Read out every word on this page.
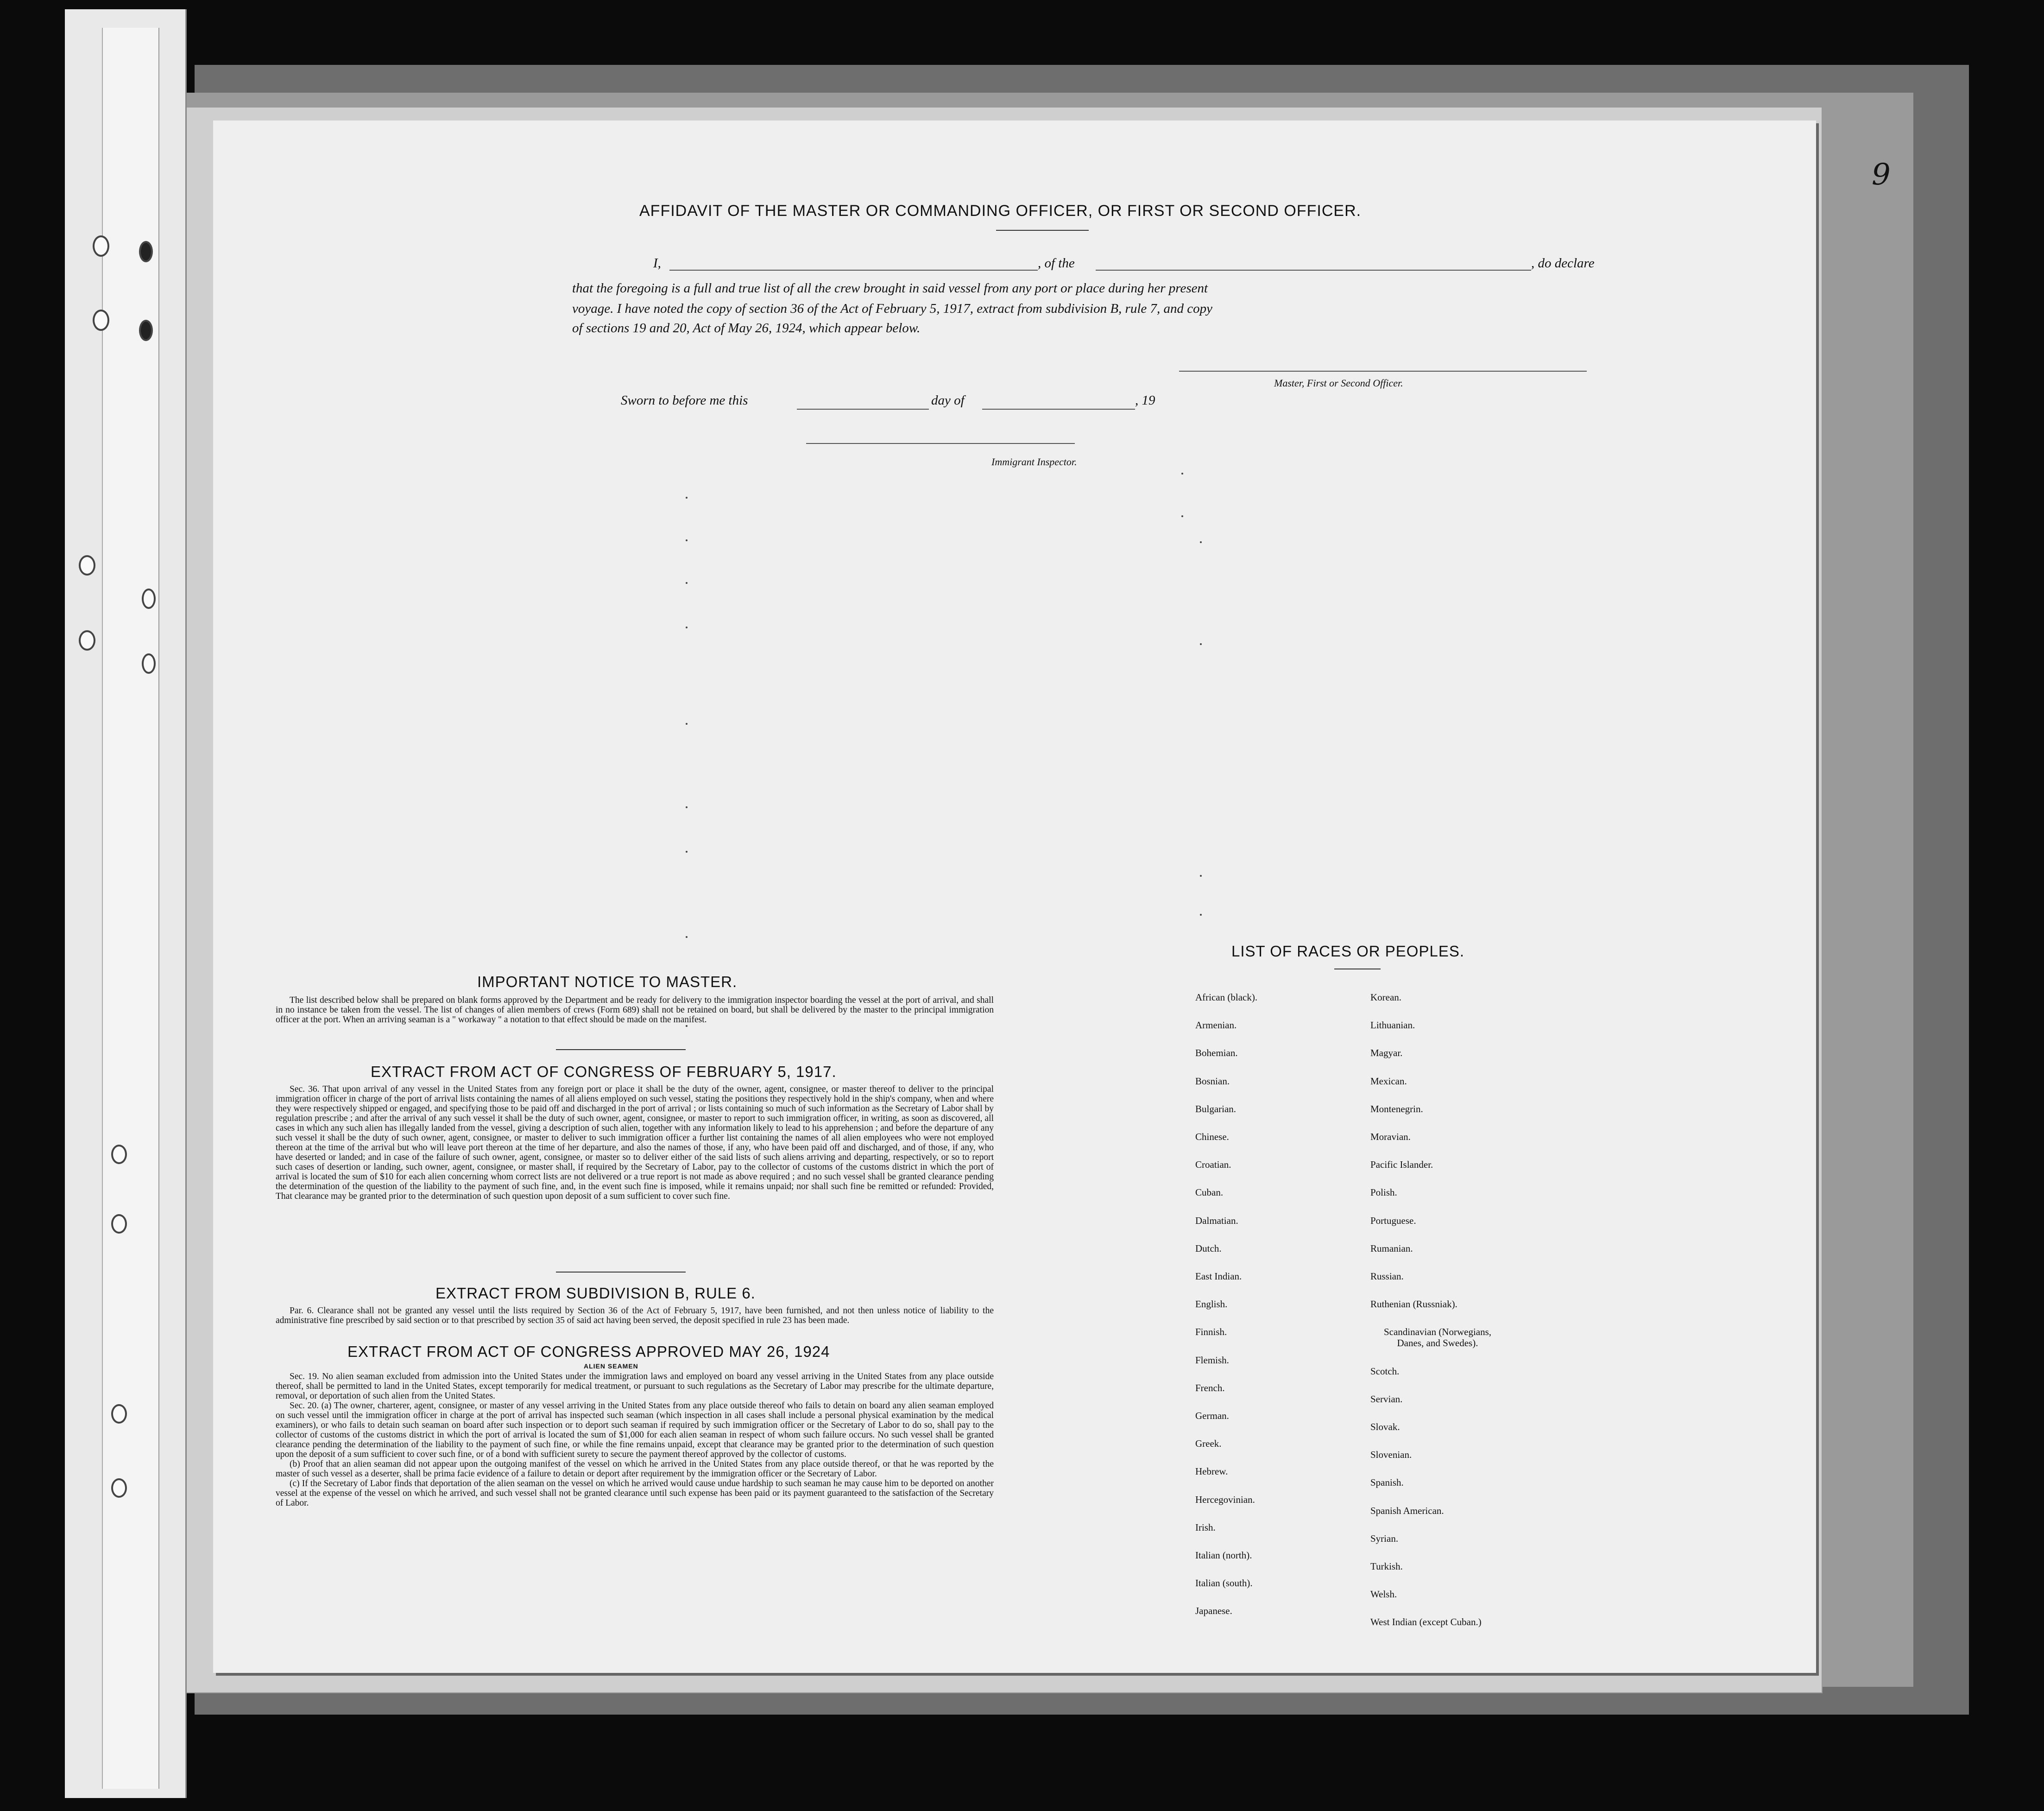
9
AFFIDAVIT OF THE MASTER OR COMMANDING OFFICER, OR FIRST OR SECOND OFFICER.
I,	, of the	, do declare
that the foregoing is a full and true list of all the crew brought in said vessel from any port or place during her present
voyage. I have noted the copy of section 36 of the Act of February 5, 1917, extract from subdivision B, rule 7, and copy
of sections 19 and 20, Act of May 26, 1924, which appear below.
Master, First or Second Officer.
Sworn to before me this	day of	, 19
Immigrant Inspector.
IMPORTANT NOTICE TO MASTER.

The list described below shall be prepared on blank forms approved by the Department and be ready for delivery to the immigration inspector boarding the vessel at the port of arrival, and shall in no instance be taken from the vessel. The list of changes of alien members of crews (Form 689) shall not be retained on board, but shall be delivered by the master to the principal immigration officer at the port. When an arriving seaman is a " workaway " a notation to that effect should be made on the manifest.

EXTRACT FROM ACT OF CONGRESS OF FEBRUARY 5, 1917.

Sec. 36. That upon arrival of any vessel in the United States from any foreign port or place it shall be the duty of the owner, agent, consignee, or master thereof to deliver to the principal immigration officer in charge of the port of arrival lists containing the names of all aliens employed on such vessel, stating the positions they respectively hold in the ship's company, when and where they were respectively shipped or engaged, and specifying those to be paid off and discharged in the port of arrival ; or lists containing so much of such information as the Secretary of Labor shall by regulation prescribe ; and after the arrival of any such vessel it shall be the duty of such owner, agent, consignee, or master to report to such immigration officer, in writing, as soon as discovered, all cases in which any such alien has illegally landed from the vessel, giving a description of such alien, together with any information likely to lead to his apprehension ; and before the departure of any such vessel it shall be the duty of such owner, agent, consignee, or master to deliver to such immigration officer a further list containing the names of all alien employees who were not employed thereon at the time of the arrival but who will leave port thereon at the time of her departure, and also the names of those, if any, who have been paid off and discharged, and of those, if any, who have deserted or landed; and in case of the failure of such owner, agent, consignee, or master so to deliver either of the said lists of such aliens arriving and departing, respectively, or so to report such cases of desertion or landing, such owner, agent, consignee, or master shall, if required by the Secretary of Labor, pay to the collector of customs of the customs district in which the port of arrival is located the sum of $10 for each alien concerning whom correct lists are not delivered or a true report is not made as above required ; and no such vessel shall be granted clearance pending the determination of the question of the liability to the payment of such fine, and, in the event such fine is imposed, while it remains unpaid; nor shall such fine be remitted or refunded: Provided, That clearance may be granted prior to the determination of such question upon deposit of a sum sufficient to cover such fine.

EXTRACT FROM SUBDIVISION B, RULE 6.

Par. 6. Clearance shall not be granted any vessel until the lists required by Section 36 of the Act of February 5, 1917, have been furnished, and not then unless notice of liability to the administrative fine prescribed by said section or to that prescribed by section 35 of said act having been served, the deposit specified in rule 23 has been made.

EXTRACT FROM ACT OF CONGRESS APPROVED MAY 26, 1924
ALIEN SEAMEN

Sec. 19. No alien seaman excluded from admission into the United States under the immigration laws and employed on board any vessel arriving in the United States from any place outside thereof, shall be permitted to land in the United States, except temporarily for medical treatment, or pursuant to such regulations as the Secretary of Labor may prescribe for the ultimate departure, removal, or deportation of such alien from the United States.

Sec. 20. (a) The owner, charterer, agent, consignee, or master of any vessel arriving in the United States from any place outside thereof who fails to detain on board any alien seaman employed on such vessel until the immigration officer in charge at the port of arrival has inspected such seaman (which inspection in all cases shall include a personal physical examination by the medical examiners), or who fails to detain such seaman on board after such inspection or to deport such seaman if required by such immigration officer or the Secretary of Labor to do so, shall pay to the collector of customs of the customs district in which the port of arrival is located the sum of $1,000 for each alien seaman in respect of whom such failure occurs. No such vessel shall be granted clearance pending the determination of the liability to the payment of such fine, or while the fine remains unpaid, except that clearance may be granted prior to the determination of such question upon the deposit of a sum sufficient to cover such fine, or of a bond with sufficient surety to secure the payment thereof approved by the collector of customs.

(b) Proof that an alien seaman did not appear upon the outgoing manifest of the vessel on which he arrived in the United States from any place outside thereof, or that he was reported by the master of such vessel as a deserter, shall be prima facie evidence of a failure to detain or deport after requirement by the immigration officer or the Secretary of Labor.

(c) If the Secretary of Labor finds that deportation of the alien seaman on the vessel on which he arrived would cause undue hardship to such seaman he may cause him to be deported on another vessel at the expense of the vessel on which he arrived, and such vessel shall not be granted clearance until such expense has been paid or its payment guaranteed to the satisfaction of the Secretary of Labor.

LIST OF RACES OR PEOPLES.
African (black).
Armenian.
Bohemian.
Bosnian.
Bulgarian.
Chinese.
Croatian.
Cuban.
Dalmatian.
Dutch.
East Indian.
English.
Finnish.
Flemish.
French.
German.
Greek.
Hebrew.
Hercegovinian.
Irish.
Italian (north).
Italian (south).
Japanese.
Korean.
Lithuanian.
Magyar.
Mexican.
Montenegrin.
Moravian.
Pacific Islander.
Polish.
Portuguese.
Rumanian.
Russian.
Ruthenian (Russniak).
Scandinavian (Norwegians, Danes, and Swedes).
Scotch.
Servian.
Slovak.
Slovenian.
Spanish.
Spanish American.
Syrian.
Turkish.
Welsh.
West Indian (except Cuban.)
